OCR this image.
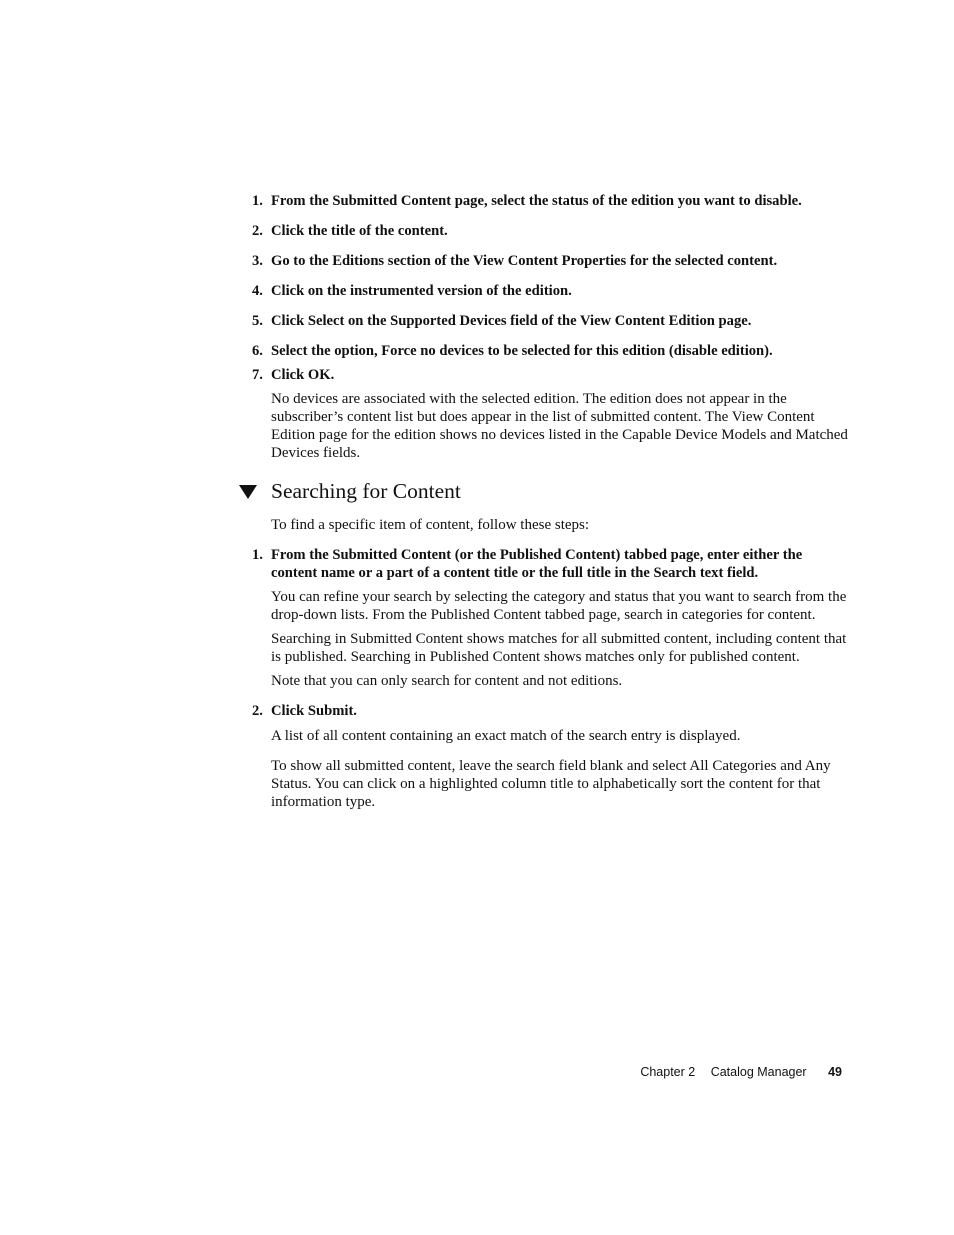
1. From the Submitted Content page, select the status of the edition you want to disable.
2. Click the title of the content.
3. Go to the Editions section of the View Content Properties for the selected content.
4. Click on the instrumented version of the edition.
5. Click Select on the Supported Devices field of the View Content Edition page.
6. Select the option, Force no devices to be selected for this edition (disable edition).
7. Click OK.
No devices are associated with the selected edition. The edition does not appear in the subscriber’s content list but does appear in the list of submitted content. The View Content Edition page for the edition shows no devices listed in the Capable Device Models and Matched Devices fields.
Searching for Content
To find a specific item of content, follow these steps:
1. From the Submitted Content (or the Published Content) tabbed page, enter either the content name or a part of a content title or the full title in the Search text field.
You can refine your search by selecting the category and status that you want to search from the drop-down lists. From the Published Content tabbed page, search in categories for content.
Searching in Submitted Content shows matches for all submitted content, including content that is published. Searching in Published Content shows matches only for published content.
Note that you can only search for content and not editions.
2. Click Submit.
A list of all content containing an exact match of the search entry is displayed.
To show all submitted content, leave the search field blank and select All Categories and Any Status. You can click on a highlighted column title to alphabetically sort the content for that information type.
Chapter 2 Catalog Manager 49
